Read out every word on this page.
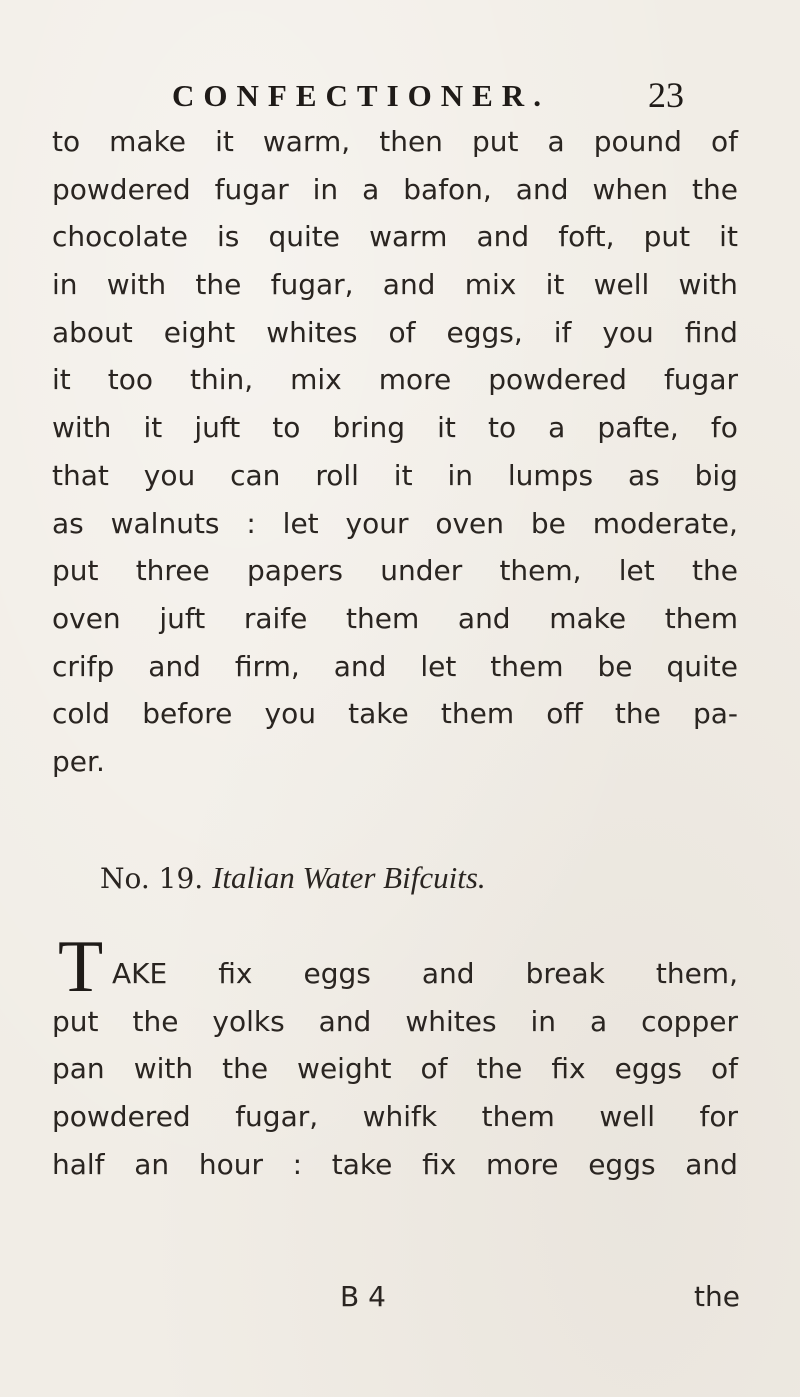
CONFECTIONER.	23
to make it warm, then put a pound of
powdered fugar in a bafon, and when the
chocolate is quite warm and foft, put it
in with the fugar, and mix it well with
about eight whites of eggs, if you find
it too thin, mix more powdered fugar
with it juft to bring it to a pafte, fo
that you can roll it in lumps as big
as walnuts : let your oven be moderate,
put three papers under them, let the
oven juft raife them and make them
crifp and firm, and let them be quite
cold before you take them off the pa-
per.
No. 19. Italian Water Bifcuits.
T AKE fix eggs and break them,
put the yolks and whites in a copper
pan with the weight of the fix eggs of
powdered fugar, whifk them well for
half an hour : take fix more eggs and
B 4	the
